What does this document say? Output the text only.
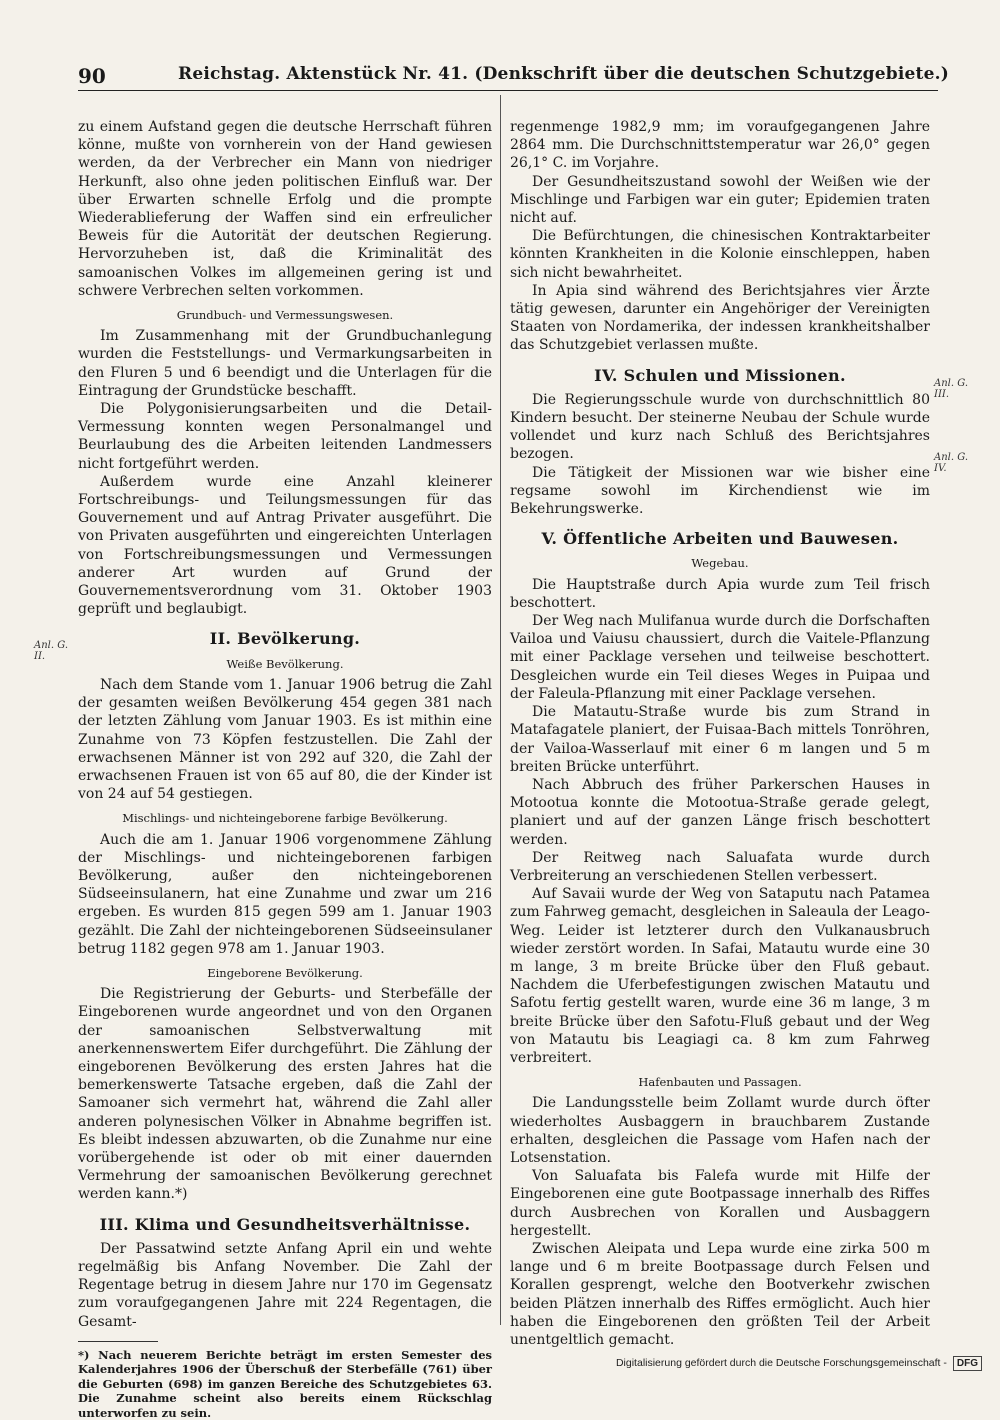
90	Reichstag. Aktenstück Nr. 41. (Denkschrift über die deutschen Schutzgebiete.)

zu einem Aufstand gegen die deutsche Herrschaft führen könne, mußte von vornherein von der Hand gewiesen werden, da der Verbrecher ein Mann von niedriger Herkunft, also ohne jeden politischen Einfluß war. Der über Erwarten schnelle Erfolg und die prompte Wiederablieferung der Waffen sind ein erfreulicher Beweis für die Autorität der deutschen Regierung. Hervorzuheben ist, daß die Kriminalität des samoanischen Volkes im allgemeinen gering ist und schwere Verbrechen selten vorkommen.

Grundbuch- und Vermessungswesen.

Im Zusammenhang mit der Grundbuchanlegung wurden die Feststellungs- und Vermarkungsarbeiten in den Fluren 5 und 6 beendigt und die Unterlagen für die Eintragung der Grundstücke beschafft.

Die Polygonisierungsarbeiten und die Detail-Vermessung konnten wegen Personalmangel und Beurlaubung des die Arbeiten leitenden Landmessers nicht fortgeführt werden.

Außerdem wurde eine Anzahl kleinerer Fortschreibungs- und Teilungsmessungen für das Gouvernement und auf Antrag Privater ausgeführt. Die von Privaten ausgeführten und eingereichten Unterlagen von Fortschreibungsmessungen und Vermessungen anderer Art wurden auf Grund der Gouvernementsverordnung vom 31. Oktober 1903 geprüft und beglaubigt.

II. Bevölkerung.
Weiße Bevölkerung.

Nach dem Stande vom 1. Januar 1906 betrug die Zahl der gesamten weißen Bevölkerung 454 gegen 381 nach der letzten Zählung vom Januar 1903. Es ist mithin eine Zunahme von 73 Köpfen festzustellen. Die Zahl der erwachsenen Männer ist von 292 auf 320, die Zahl der erwachsenen Frauen ist von 65 auf 80, die der Kinder ist von 24 auf 54 gestiegen.

Mischlings- und nichteingeborene farbige Bevölkerung.

Auch die am 1. Januar 1906 vorgenommene Zählung der Mischlings- und nichteingeborenen farbigen Bevölkerung, außer den nichteingeborenen Südseeinsulanern, hat eine Zunahme und zwar um 216 ergeben. Es wurden 815 gegen 599 am 1. Januar 1903 gezählt. Die Zahl der nichteingeborenen Südseeinsulaner betrug 1182 gegen 978 am 1. Januar 1903.

Eingeborene Bevölkerung.

Die Registrierung der Geburts- und Sterbefälle der Eingeborenen wurde angeordnet und von den Organen der samoanischen Selbstverwaltung mit anerkennenswertem Eifer durchgeführt. Die Zählung der eingeborenen Bevölkerung des ersten Jahres hat die bemerkenswerte Tatsache ergeben, daß die Zahl der Samoaner sich vermehrt hat, während die Zahl aller anderen polynesischen Völker in Abnahme begriffen ist. Es bleibt indessen abzuwarten, ob die Zunahme nur eine vorübergehende ist oder ob mit einer dauernden Vermehrung der samoanischen Bevölkerung gerechnet werden kann.*)

III. Klima und Gesundheitsverhältnisse.

Der Passatwind setzte Anfang April ein und wehte regelmäßig bis Anfang November. Die Zahl der Regentage betrug in diesem Jahre nur 170 im Gegensatz zum voraufgegangenen Jahre mit 224 Regentagen, die Gesamt-

*) Nach neuerem Berichte beträgt im ersten Semester des Kalenderjahres 1906 der Überschuß der Sterbefälle (761) über die Geburten (698) im ganzen Bereiche des Schutzgebietes 63. Die Zunahme scheint also bereits einem Rückschlag unterworfen zu sein.
Anl. G. II.

regenmenge 1982,9 mm; im voraufgegangenen Jahre 2864 mm. Die Durchschnittstemperatur war 26,0° gegen 26,1° C. im Vorjahre.

Der Gesundheitszustand sowohl der Weißen wie der Mischlinge und Farbigen war ein guter; Epidemien traten nicht auf.

Die Befürchtungen, die chinesischen Kontraktarbeiter könnten Krankheiten in die Kolonie einschleppen, haben sich nicht bewahrheitet.

In Apia sind während des Berichtsjahres vier Ärzte tätig gewesen, darunter ein Angehöriger der Vereinigten Staaten von Nordamerika, der indessen krankheitshalber das Schutzgebiet verlassen mußte.

IV. Schulen und Missionen.

Die Regierungsschule wurde von durchschnittlich 80 Kindern besucht. Der steinerne Neubau der Schule wurde vollendet und kurz nach Schluß des Berichtsjahres bezogen.

Die Tätigkeit der Missionen war wie bisher eine regsame sowohl im Kirchendienst wie im Bekehrungswerke.

V. Öffentliche Arbeiten und Bauwesen.
Wegebau.

Die Hauptstraße durch Apia wurde zum Teil frisch beschottert.

Der Weg nach Mulifanua wurde durch die Dorfschaften Vailoa und Vaiusu chaussiert, durch die Vaitele-Pflanzung mit einer Packlage versehen und teilweise beschottert. Desgleichen wurde ein Teil dieses Weges in Puipaa und der Faleula-Pflanzung mit einer Packlage versehen.

Die Matautu-Straße wurde bis zum Strand in Matafagatele planiert, der Fuisaa-Bach mittels Tonröhren, der Vailoa-Wasserlauf mit einer 6 m langen und 5 m breiten Brücke unterführt.

Nach Abbruch des früher Parkerschen Hauses in Motootua konnte die Motootua-Straße gerade gelegt, planiert und auf der ganzen Länge frisch beschottert werden.

Der Reitweg nach Saluafata wurde durch Verbreiterung an verschiedenen Stellen verbessert.

Auf Savaii wurde der Weg von Sataputu nach Patamea zum Fahrweg gemacht, desgleichen in Saleaula der Leago-Weg. Leider ist letzterer durch den Vulkanausbruch wieder zerstört worden. In Safai, Matautu wurde eine 30 m lange, 3 m breite Brücke über den Fluß gebaut. Nachdem die Uferbefestigungen zwischen Matautu und Safotu fertig gestellt waren, wurde eine 36 m lange, 3 m breite Brücke über den Safotu-Fluß gebaut und der Weg von Matautu bis Leagiagi ca. 8 km zum Fahrweg verbreitert.

Hafenbauten und Passagen.

Die Landungsstelle beim Zollamt wurde durch öfter wiederholtes Ausbaggern in brauchbarem Zustande erhalten, desgleichen die Passage vom Hafen nach der Lotsenstation.

Von Saluafata bis Falefa wurde mit Hilfe der Eingeborenen eine gute Bootpassage innerhalb des Riffes durch Ausbrechen von Korallen und Ausbaggern hergestellt.

Zwischen Aleipata und Lepa wurde eine zirka 500 m lange und 6 m breite Bootpassage durch Felsen und Korallen gesprengt, welche den Bootverkehr zwischen beiden Plätzen innerhalb des Riffes ermöglicht. Auch hier haben die Eingeborenen den größten Teil der Arbeit unentgeltlich gemacht.

Anl. G. III.
Anl. G. IV.
Digitalisierung gefördert durch die Deutsche Forschungsgemeinschaft - DFG
